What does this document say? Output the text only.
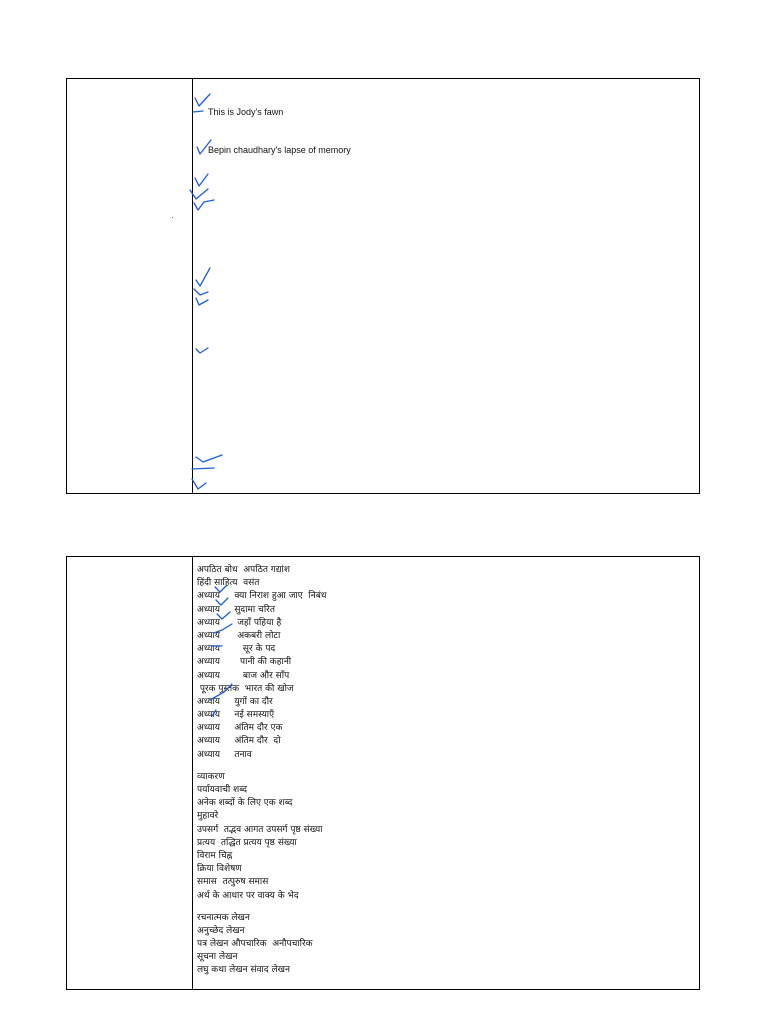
This is Jody's fawn
Bepin chaudhary's lapse of memory
अपठित बोध  अपठित गद्यांश
हिंदी साहित्य  वसंत
अध्याय     क्या निराश हुआ जाए  निबंध
अध्याय     सुदामा चरित
अध्याय      जहाँ पहिया है
अध्याय      अकबरी लोटा
अध्याय        सूर के पद
अध्याय       पानी की कहानी
अध्याय        बाज और साँप
पूरक पुस्तक  भारत की खोज
अध्याय     युगों का दौर
अध्याय     नई समस्याएँ
अध्याय     अंतिम दौर एक
अध्याय     अंतिम दौर  दो
अध्याय     तनाव
व्याकरण
पर्यायवाची शब्द
अनेक शब्दों के लिए एक शब्द
मुहावरे
उपसर्ग  तद्भव आगत उपसर्ग पृष्ठ संख्या
प्रत्यय  तद्धित प्रत्यय पृष्ठ संख्या
विराम चिह्न
क्रिया विशेषण
समास  तत्पुरुष समास
अर्थ के आधार पर वाक्य के भेद
रचनात्मक लेखन
अनुच्छेद लेखन
पत्र लेखन औपचारिक  अनौपचारिक
सूचना लेखन
लघु कथा लेखन संवाद लेखन
